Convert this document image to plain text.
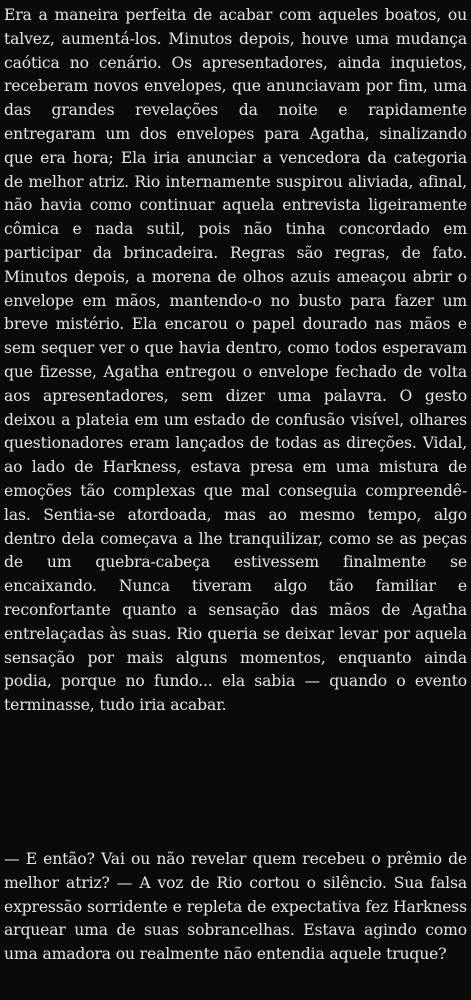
Era a maneira perfeita de acabar com aqueles boatos, ou talvez, aumentá-los. Minutos depois, houve uma mudança caótica no cenário. Os apresentadores, ainda inquietos, receberam novos envelopes, que anunciavam por fim, uma das grandes revelações da noite e rapidamente entregaram um dos envelopes para Agatha, sinalizando que era hora; Ela iria anunciar a vencedora da categoria de melhor atriz. Rio internamente suspirou aliviada, afinal, não havia como continuar aquela entrevista ligeiramente cômica e nada sutil, pois não tinha concordado em participar da brincadeira. Regras são regras, de fato. Minutos depois, a morena de olhos azuis ameaçou abrir o envelope em mãos, mantendo-o no busto para fazer um breve mistério. Ela encarou o papel dourado nas mãos e sem sequer ver o que havia dentro, como todos esperavam que fizesse, Agatha entregou o envelope fechado de volta aos apresentadores, sem dizer uma palavra. O gesto deixou a plateia em um estado de confusão visível, olhares questionadores eram lançados de todas as direções. Vidal, ao lado de Harkness, estava presa em uma mistura de emoções tão complexas que mal conseguia compreendê-las. Sentia-se atordoada, mas ao mesmo tempo, algo dentro dela começava a lhe tranquilizar, como se as peças de um quebra-cabeça estivessem finalmente se encaixando. Nunca tiveram algo tão familiar e reconfortante quanto a sensação das mãos de Agatha entrelaçadas às suas. Rio queria se deixar levar por aquela sensação por mais alguns momentos, enquanto ainda podia, porque no fundo... ela sabia — quando o evento terminasse, tudo iria acabar.

— E então? Vai ou não revelar quem recebeu o prêmio de melhor atriz? — A voz de Rio cortou o silêncio. Sua falsa expressão sorridente e repleta de expectativa fez Harkness arquear uma de suas sobrancelhas. Estava agindo como uma amadora ou realmente não entendia aquele truque?
